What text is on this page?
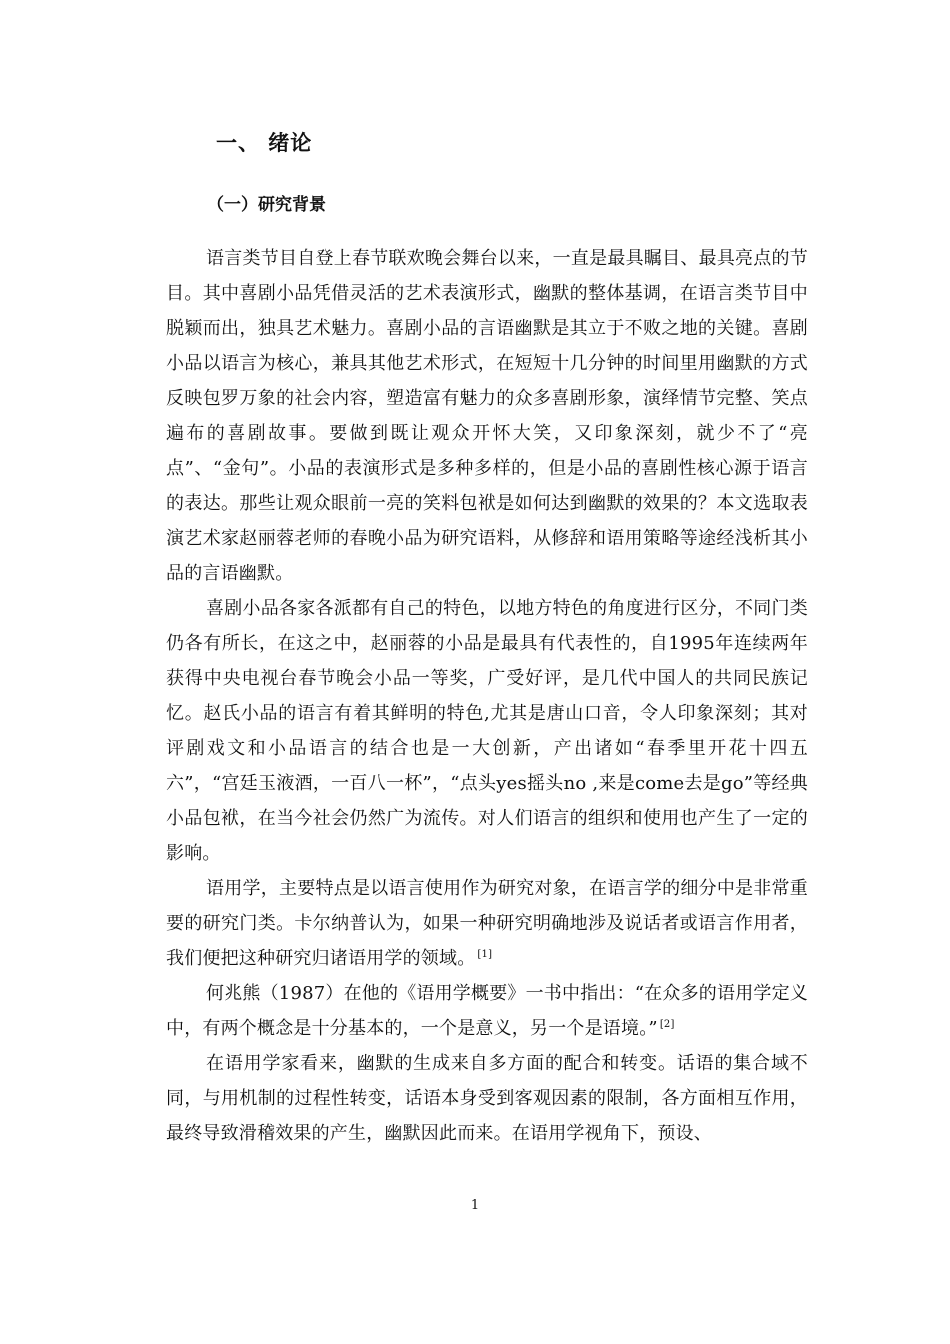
一、 绪论
（一）研究背景

语言类节目自登上春节联欢晚会舞台以来，一直是最具瞩目、最具亮点的节目。其中喜剧小品凭借灵活的艺术表演形式，幽默的整体基调，在语言类节目中脱颖而出，独具艺术魅力。喜剧小品的言语幽默是其立于不败之地的关键。喜剧小品以语言为核心，兼具其他艺术形式，在短短十几分钟的时间里用幽默的方式反映包罗万象的社会内容，塑造富有魅力的众多喜剧形象，演绎情节完整、笑点遍布的喜剧故事。要做到既让观众开怀大笑，又印象深刻，就少不了“亮点”、“金句”。小品的表演形式是多种多样的，但是小品的喜剧性核心源于语言的表达。那些让观众眼前一亮的笑料包袱是如何达到幽默的效果的？本文选取表演艺术家赵丽蓉老师的春晚小品为研究语料，从修辞和语用策略等途经浅析其小品的言语幽默。

喜剧小品各家各派都有自己的特色，以地方特色的角度进行区分，不同门类仍各有所长，在这之中，赵丽蓉的小品是最具有代表性的，自1995年连续两年获得中央电视台春节晚会小品一等奖，广受好评，是几代中国人的共同民族记忆。赵氏小品的语言有着其鲜明的特色,尤其是唐山口音，令人印象深刻；其对评剧戏文和小品语言的结合也是一大创新，产出诸如“春季里开花十四五六”，“宫廷玉液酒，一百八一杯”，“点头yes摇头no ,来是come去是go”等经典小品包袱，在当今社会仍然广为流传。对人们语言的组织和使用也产生了一定的影响。

语用学，主要特点是以语言使用作为研究对象，在语言学的细分中是非常重要的研究门类。卡尔纳普认为，如果一种研究明确地涉及说话者或语言作用者，我们便把这种研究归诸语用学的领域。 [1]

何兆熊（1987）在他的《语用学概要》一书中指出：“在众多的语用学定义中，有两个概念是十分基本的，一个是意义，另一个是语境。” [2]

在语用学家看来，幽默的生成来自多方面的配合和转变。话语的集合域不同，与用机制的过程性转变，话语本身受到客观因素的限制，各方面相互作用，最终导致滑稽效果的产生，幽默因此而来。在语用学视角下，预设、

1
